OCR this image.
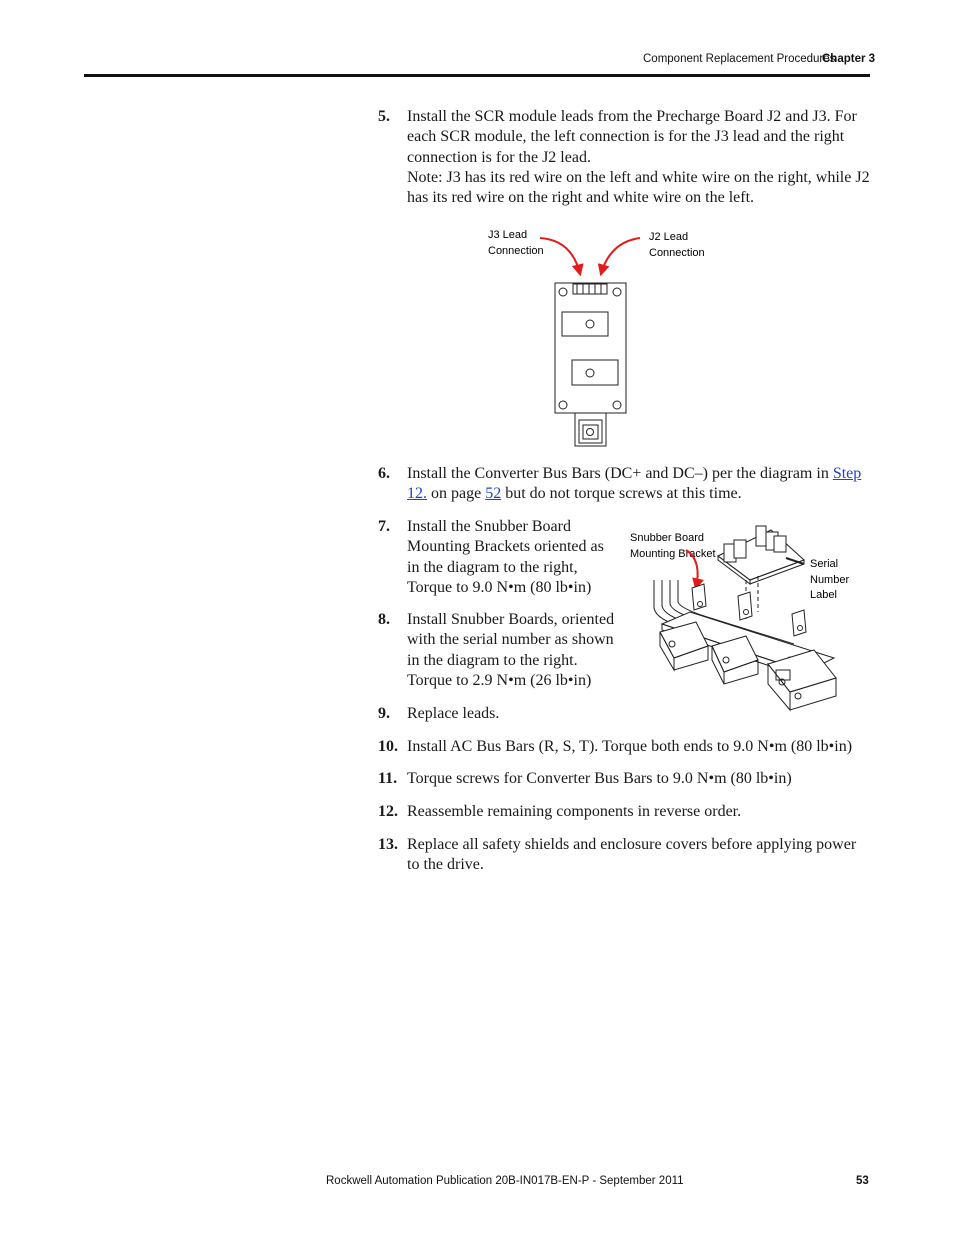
Component Replacement Procedures
Chapter 3
5. Install the SCR module leads from the Precharge Board J2 and J3. For each SCR module, the left connection is for the J3 lead and the right connection is for the J2 lead.
Note: J3 has its red wire on the left and white wire on the right, while J2 has its red wire on the right and white wire on the left.
J3 Lead
Connection
J2 Lead
Connection
6. Install the Converter Bus Bars (DC+ and DC–) per the diagram in Step 12. on page 52 but do not torque screws at this time.
7. Install the Snubber Board Mounting Brackets oriented as in the diagram to the right, Torque to 9.0 N•m (80 lb•in)
8. Install Snubber Boards, oriented with the serial number as shown in the diagram to the right. Torque to 2.9 N•m (26 lb•in)
Snubber Board
Mounting Bracket
Serial
Number
Label
9. Replace leads.
10. Install AC Bus Bars (R, S, T). Torque both ends to 9.0 N•m (80 lb•in)
11. Torque screws for Converter Bus Bars to 9.0 N•m (80 lb•in)
12. Reassemble remaining components in reverse order.
13. Replace all safety shields and enclosure covers before applying power to the drive.
Rockwell Automation Publication 20B-IN017B-EN-P - September 2011	53
